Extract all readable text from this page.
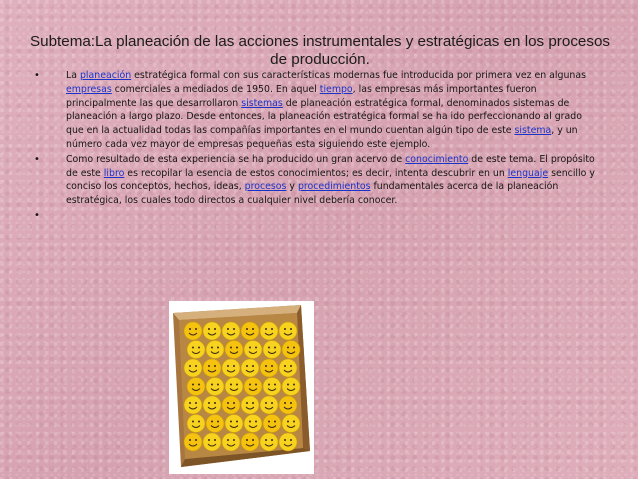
Subtema:La planeación de las acciones instrumentales y estratégicas en los procesos de producción.
•	La planeación estratégica formal con sus características modernas fue introducida por primera vez en algunas empresas comerciales a mediados de 1950. En aquel tiempo, las empresas más importantes fueron principalmente las que desarrollaron sistemas de planeación estratégica formal, denominados sistemas de planeación a largo plazo. Desde entonces, la planeación estratégica formal se ha ido perfeccionando al grado que en la actualidad todas las compañías importantes en el mundo cuentan algún tipo de este sistema, y un número cada vez mayor de empresas pequeñas esta siguiendo este ejemplo.
•	Como resultado de esta experiencia se ha producido un gran acervo de conocimiento de este tema. El propósito de este libro es recopilar la esencia de estos conocimientos; es decir, intenta descubrir en un lenguaje sencillo y conciso los conceptos, hechos, ideas, procesos y procedimientos fundamentales acerca de la planeación estratégica, los cuales todo directos a cualquier nivel debería conocer.
•
